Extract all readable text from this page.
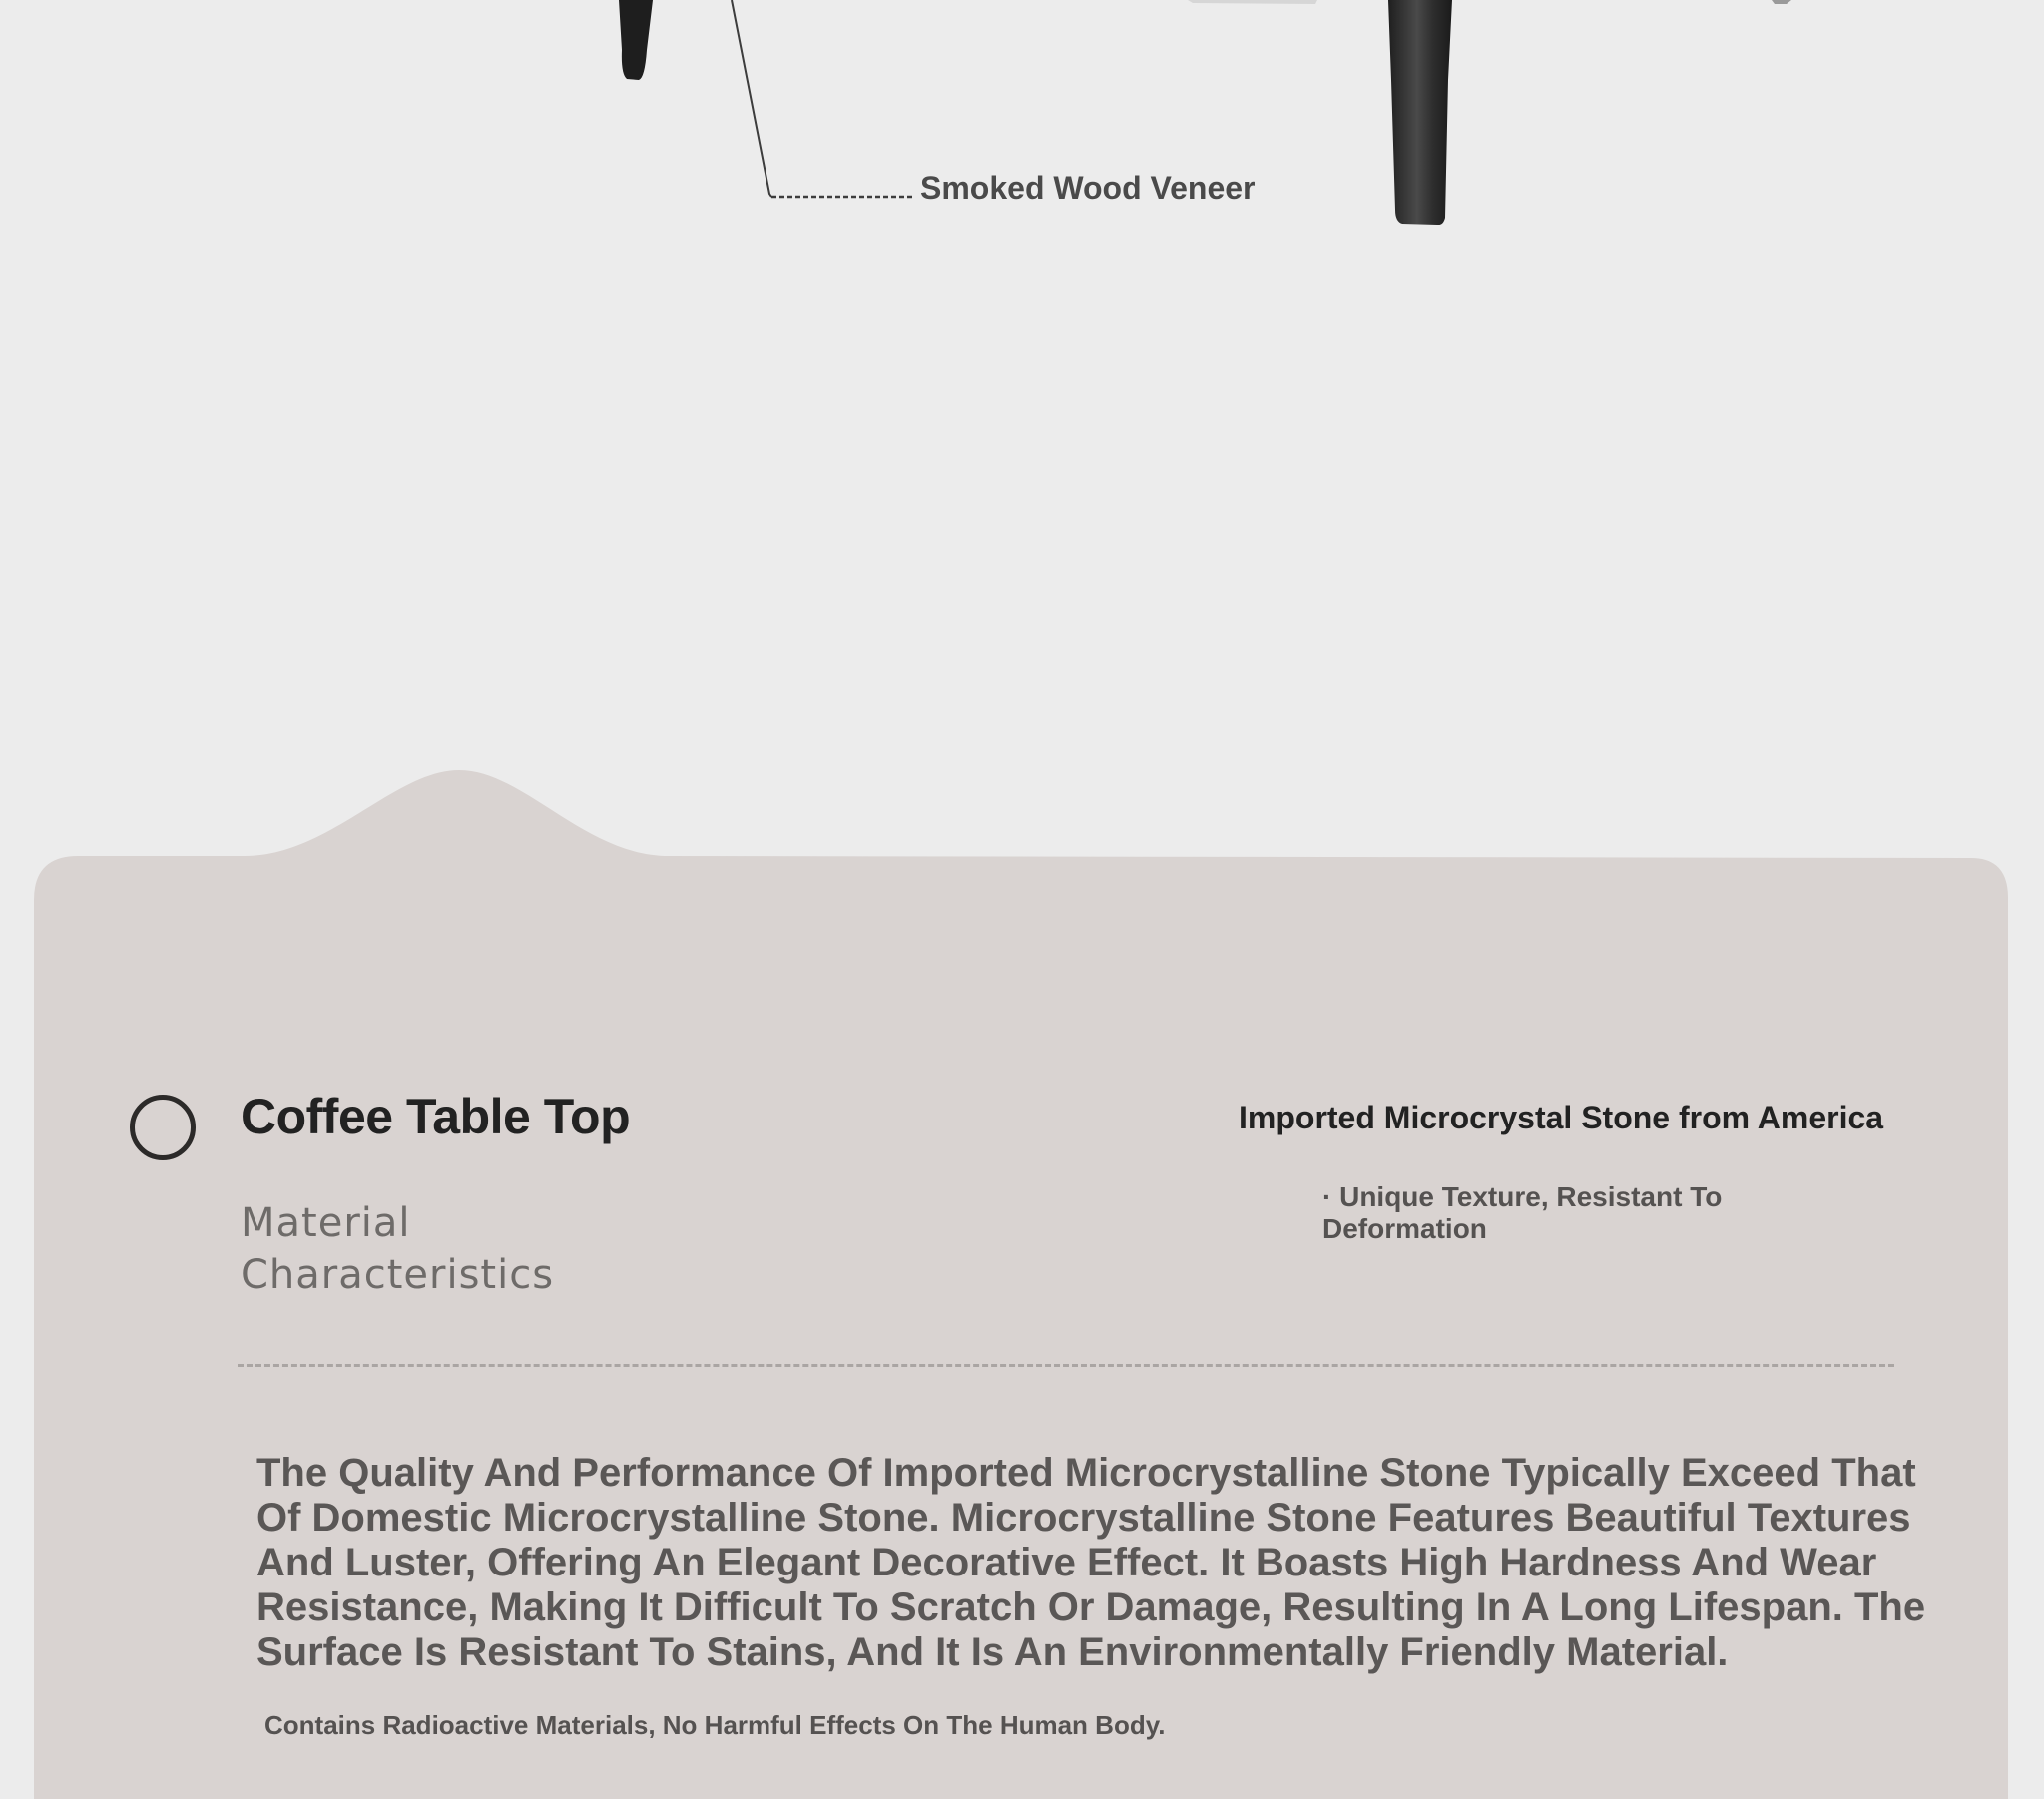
Smoked Wood Veneer
Coffee Table Top
Material Characteristics
Imported Microcrystal Stone from America
· Unique Texture, Resistant To Deformation
The Quality And Performance Of Imported Microcrystalline Stone Typically Exceed That Of Domestic Microcrystalline Stone. Microcrystalline Stone Features Beautiful Textures And Luster, Offering An Elegant Decorative Effect. It Boasts High Hardness And Wear Resistance, Making It Difficult To Scratch Or Damage, Resulting In A Long Lifespan. The Surface Is Resistant To Stains, And It Is An Environmentally Friendly Material.
Contains Radioactive Materials, No Harmful Effects On The Human Body.
